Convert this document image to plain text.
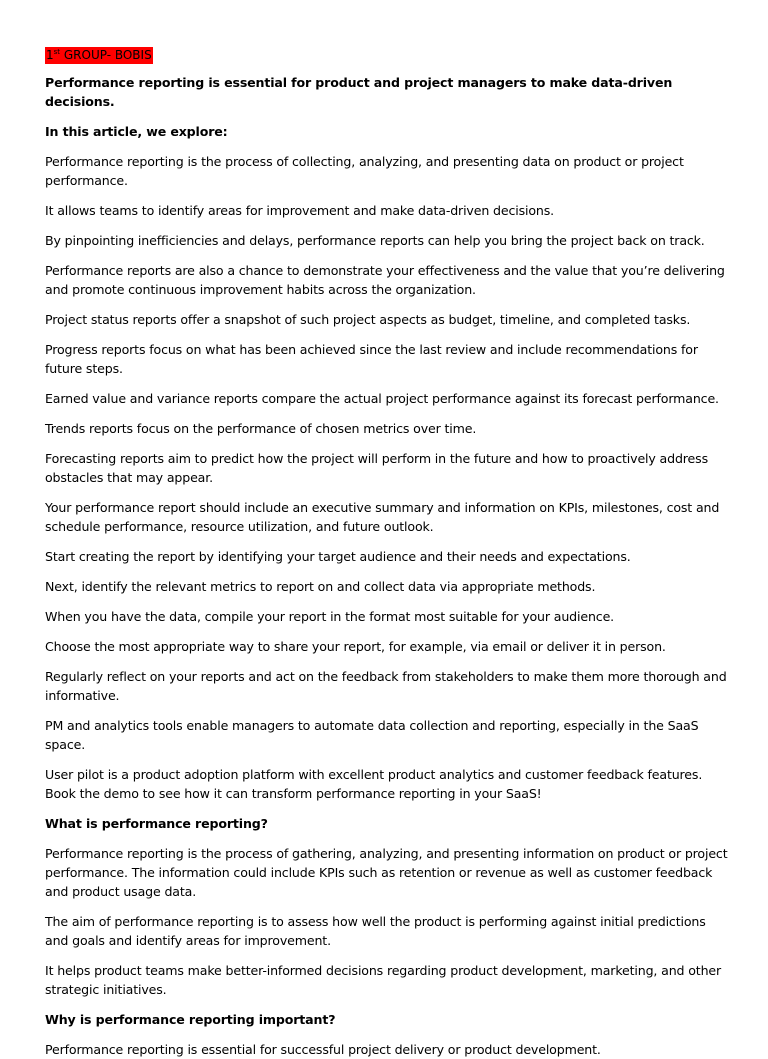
1st GROUP- BOBIS

Performance reporting is essential for product and project managers to make data-driven decisions.

In this article, we explore:

Performance reporting is the process of collecting, analyzing, and presenting data on product or project performance.

It allows teams to identify areas for improvement and make data-driven decisions.

By pinpointing inefficiencies and delays, performance reports can help you bring the project back on track.

Performance reports are also a chance to demonstrate your effectiveness and the value that you’re delivering and promote continuous improvement habits across the organization.

Project status reports offer a snapshot of such project aspects as budget, timeline, and completed tasks.

Progress reports focus on what has been achieved since the last review and include recommendations for future steps.

Earned value and variance reports compare the actual project performance against its forecast performance.

Trends reports focus on the performance of chosen metrics over time.

Forecasting reports aim to predict how the project will perform in the future and how to proactively address obstacles that may appear.

Your performance report should include an executive summary and information on KPIs, milestones, cost and schedule performance, resource utilization, and future outlook.

Start creating the report by identifying your target audience and their needs and expectations.

Next, identify the relevant metrics to report on and collect data via appropriate methods.

When you have the data, compile your report in the format most suitable for your audience.

Choose the most appropriate way to share your report, for example, via email or deliver it in person.

Regularly reflect on your reports and act on the feedback from stakeholders to make them more thorough and informative.

PM and analytics tools enable managers to automate data collection and reporting, especially in the SaaS space.

User pilot is a product adoption platform with excellent product analytics and customer feedback features. Book the demo to see how it can transform performance reporting in your SaaS!

What is performance reporting?

Performance reporting is the process of gathering, analyzing, and presenting information on product or project performance. The information could include KPIs such as retention or revenue as well as customer feedback and product usage data.

The aim of performance reporting is to assess how well the product is performing against initial predictions and goals and identify areas for improvement.

It helps product teams make better-informed decisions regarding product development, marketing, and other strategic initiatives.

Why is performance reporting important?

Performance reporting is essential for successful project delivery or product development.
